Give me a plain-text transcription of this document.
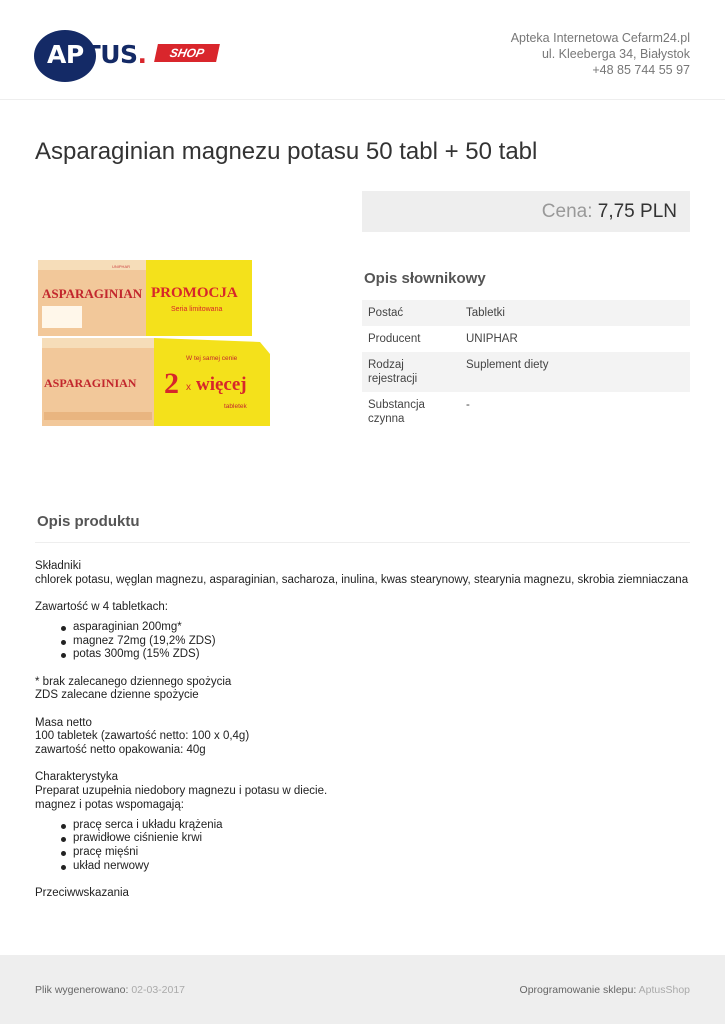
APTUS.	SHOP
Apteka Internetowa Cefarm24.pl
ul. Kleeberga 34, Białystok
+48 85 744 55 97
Asparaginian magnezu potasu 50 tabl + 50 tabl
Cena: 7,75 PLN
UNIPHAR
ASPARAGINIAN PROMOCJA
Seria limitowana
ASPARAGINIAN
W tej samej cenie
2 x więcej
tabletek
Opis słownikowy
Postać	Tabletki
Producent	UNIPHAR
Rodzaj rejestracji	Suplement diety
Substancja czynna	-
Opis produktu

Składniki

chlorek potasu, węglan magnezu, asparaginian, sacharoza, inulina, kwas stearynowy, stearynia magnezu, skrobia ziemniaczana

Zawartość w 4 tabletkach:

asparaginian 200mg*
magnez 72mg (19,2% ZDS)
potas 300mg (15% ZDS)

* brak zalecanego dziennego spożycia

ZDS zalecane dzienne spożycie

Masa netto

100 tabletek (zawartość netto: 100 x 0,4g)

zawartość netto opakowania: 40g

Charakterystyka

Preparat uzupełnia niedobory magnezu i potasu w diecie.

magnez i potas wspomagają:

pracę serca i układu krążenia
prawidłowe ciśnienie krwi
pracę mięśni
układ nerwowy

Przeciwwskazania

Plik wygenerowano: 02-03-2017	Oprogramowanie sklepu: AptusShop
